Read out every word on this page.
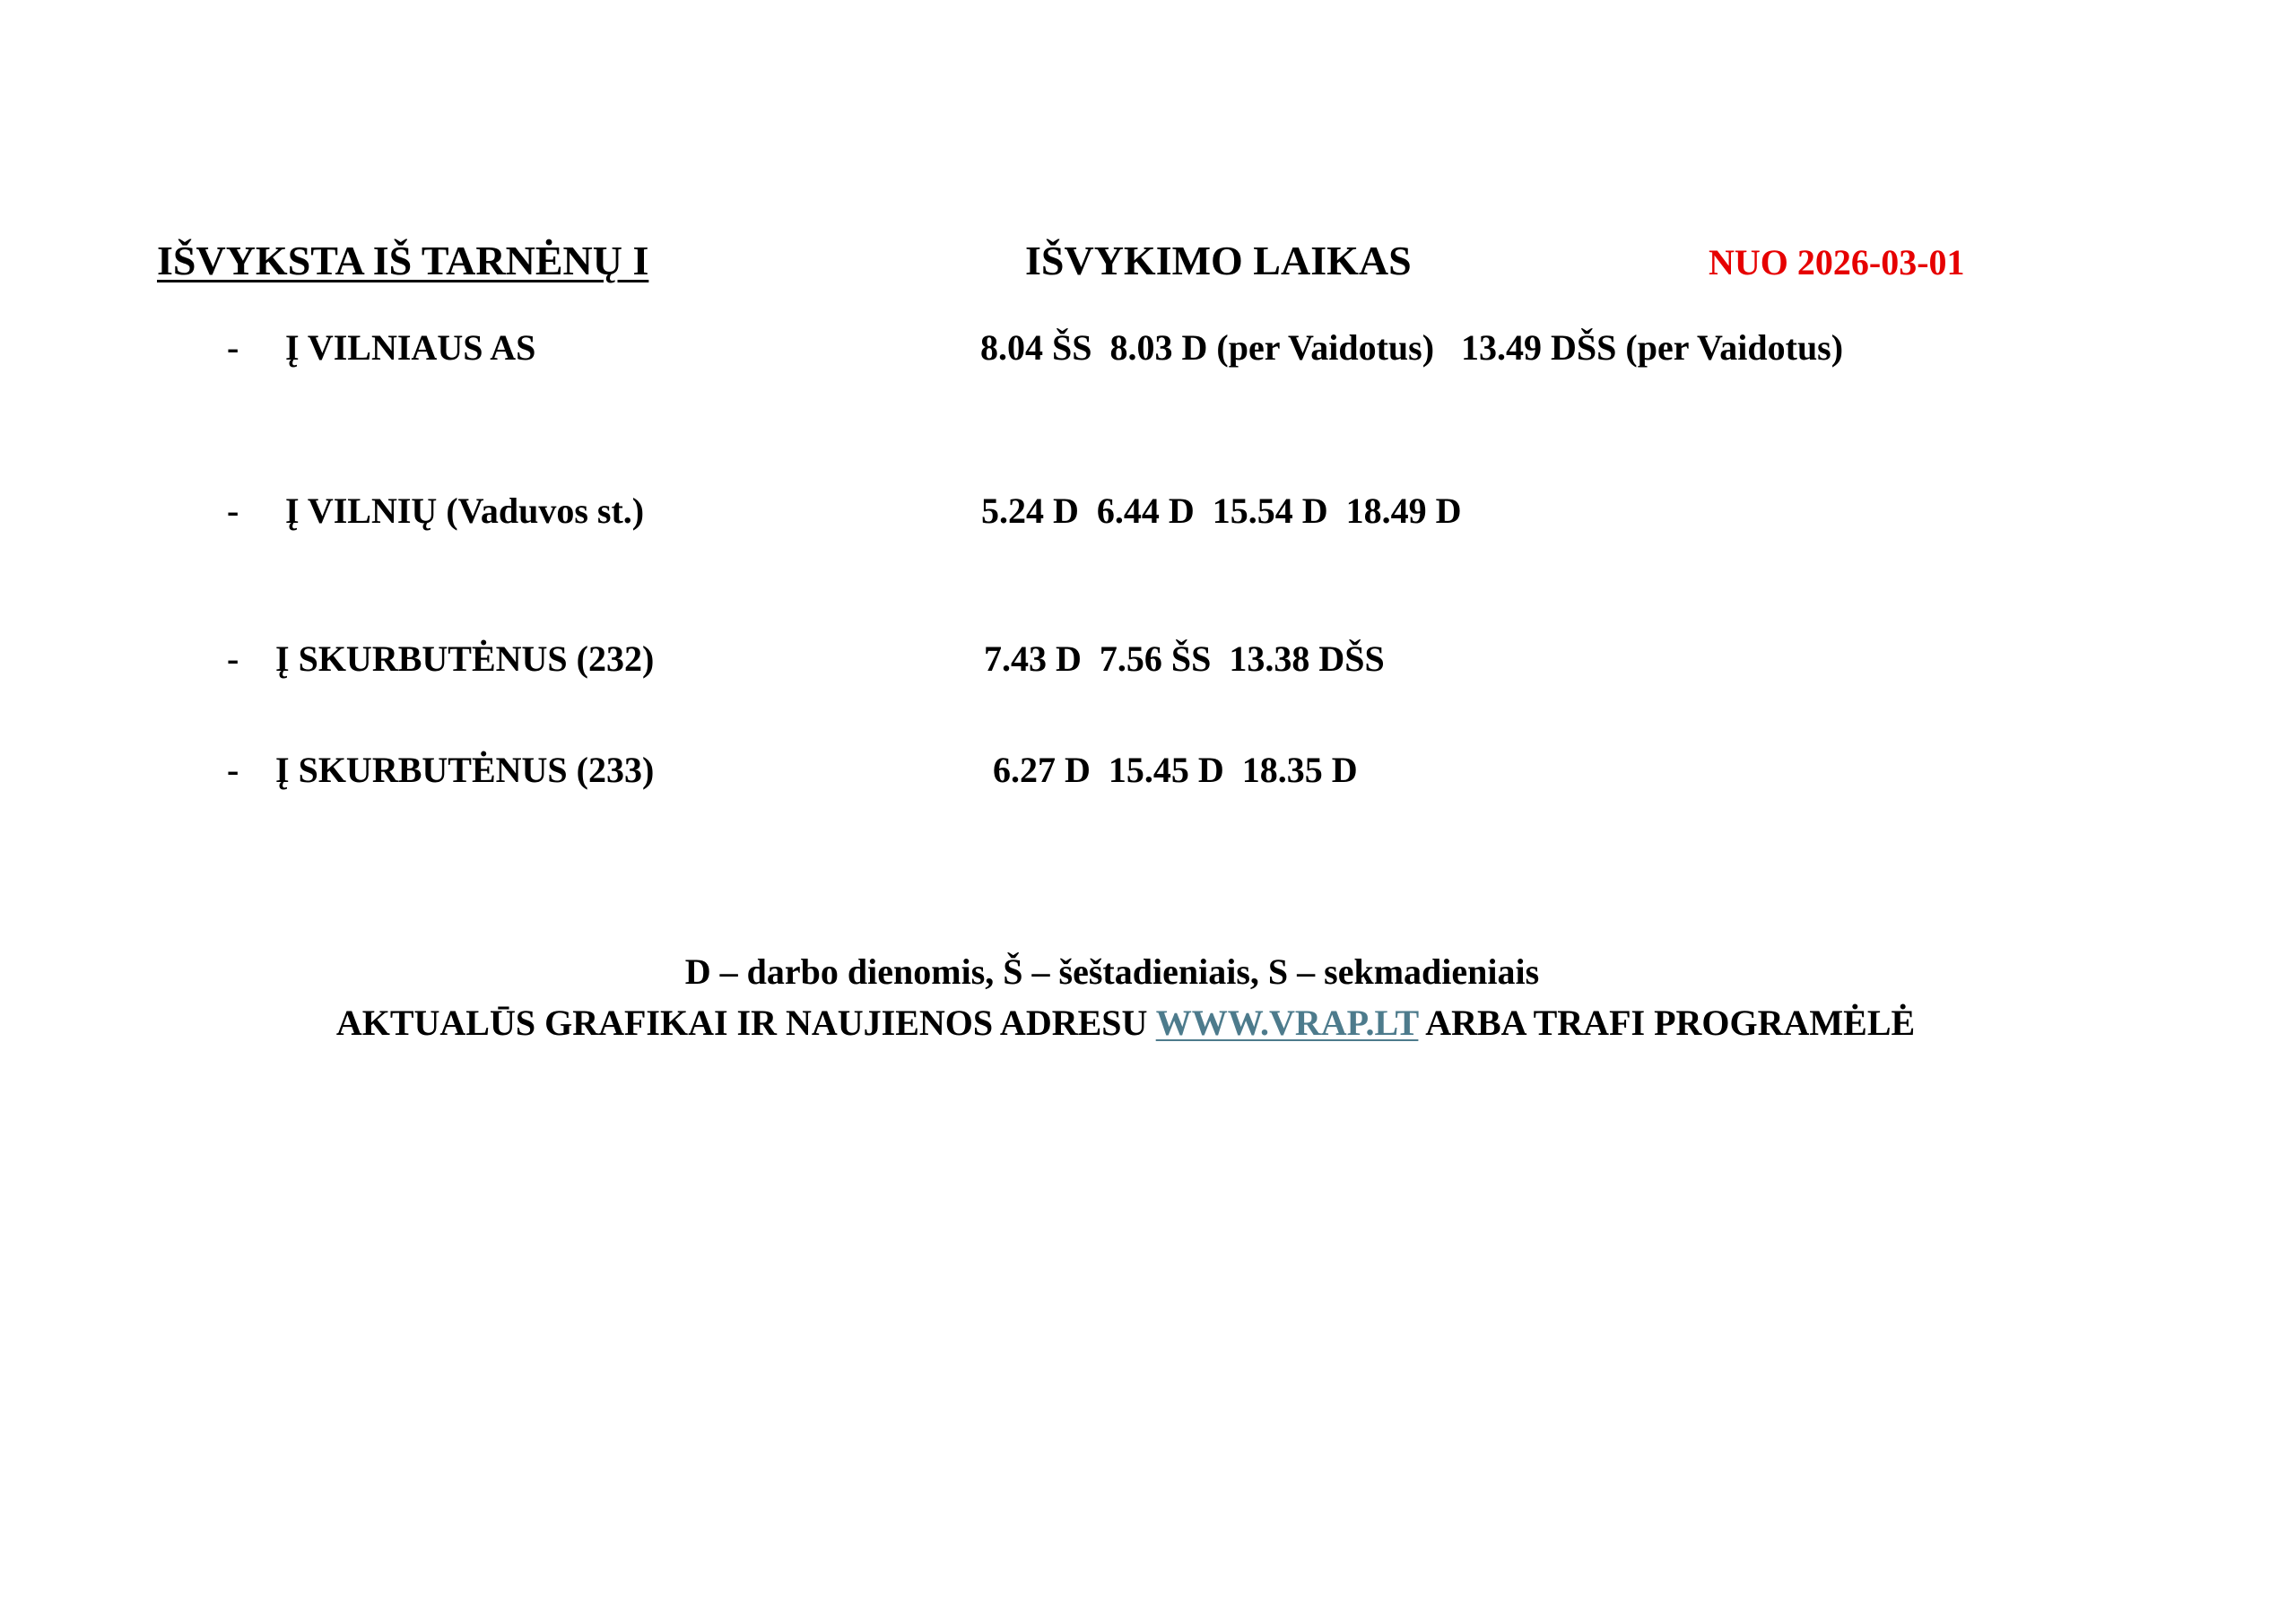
IŠVYKSTA IŠ TARNĖNŲ I	IŠVYKIMO LAIKAS	NUO 2026-03-01
- Į VILNIAUS AS	8.04 ŠS  8.03 D (per Vaidotus)   13.49 DŠS (per Vaidotus)
- Į VILNIŲ (Vaduvos st.)	5.24 D  6.44 D  15.54 D  18.49 D
- Į SKURBUTĖNUS (232)	7.43 D  7.56 ŠS  13.38 DŠS
- Į SKURBUTĖNUS (233)	6.27 D  15.45 D  18.35 D
D – darbo dienomis, Š – šeštadieniais, S – sekmadieniais
AKTUALŪS GRAFIKAI IR NAUJIENOS ADRESU WWW.VRAP.LT ARBA TRAFI PROGRAMĖLĖ
